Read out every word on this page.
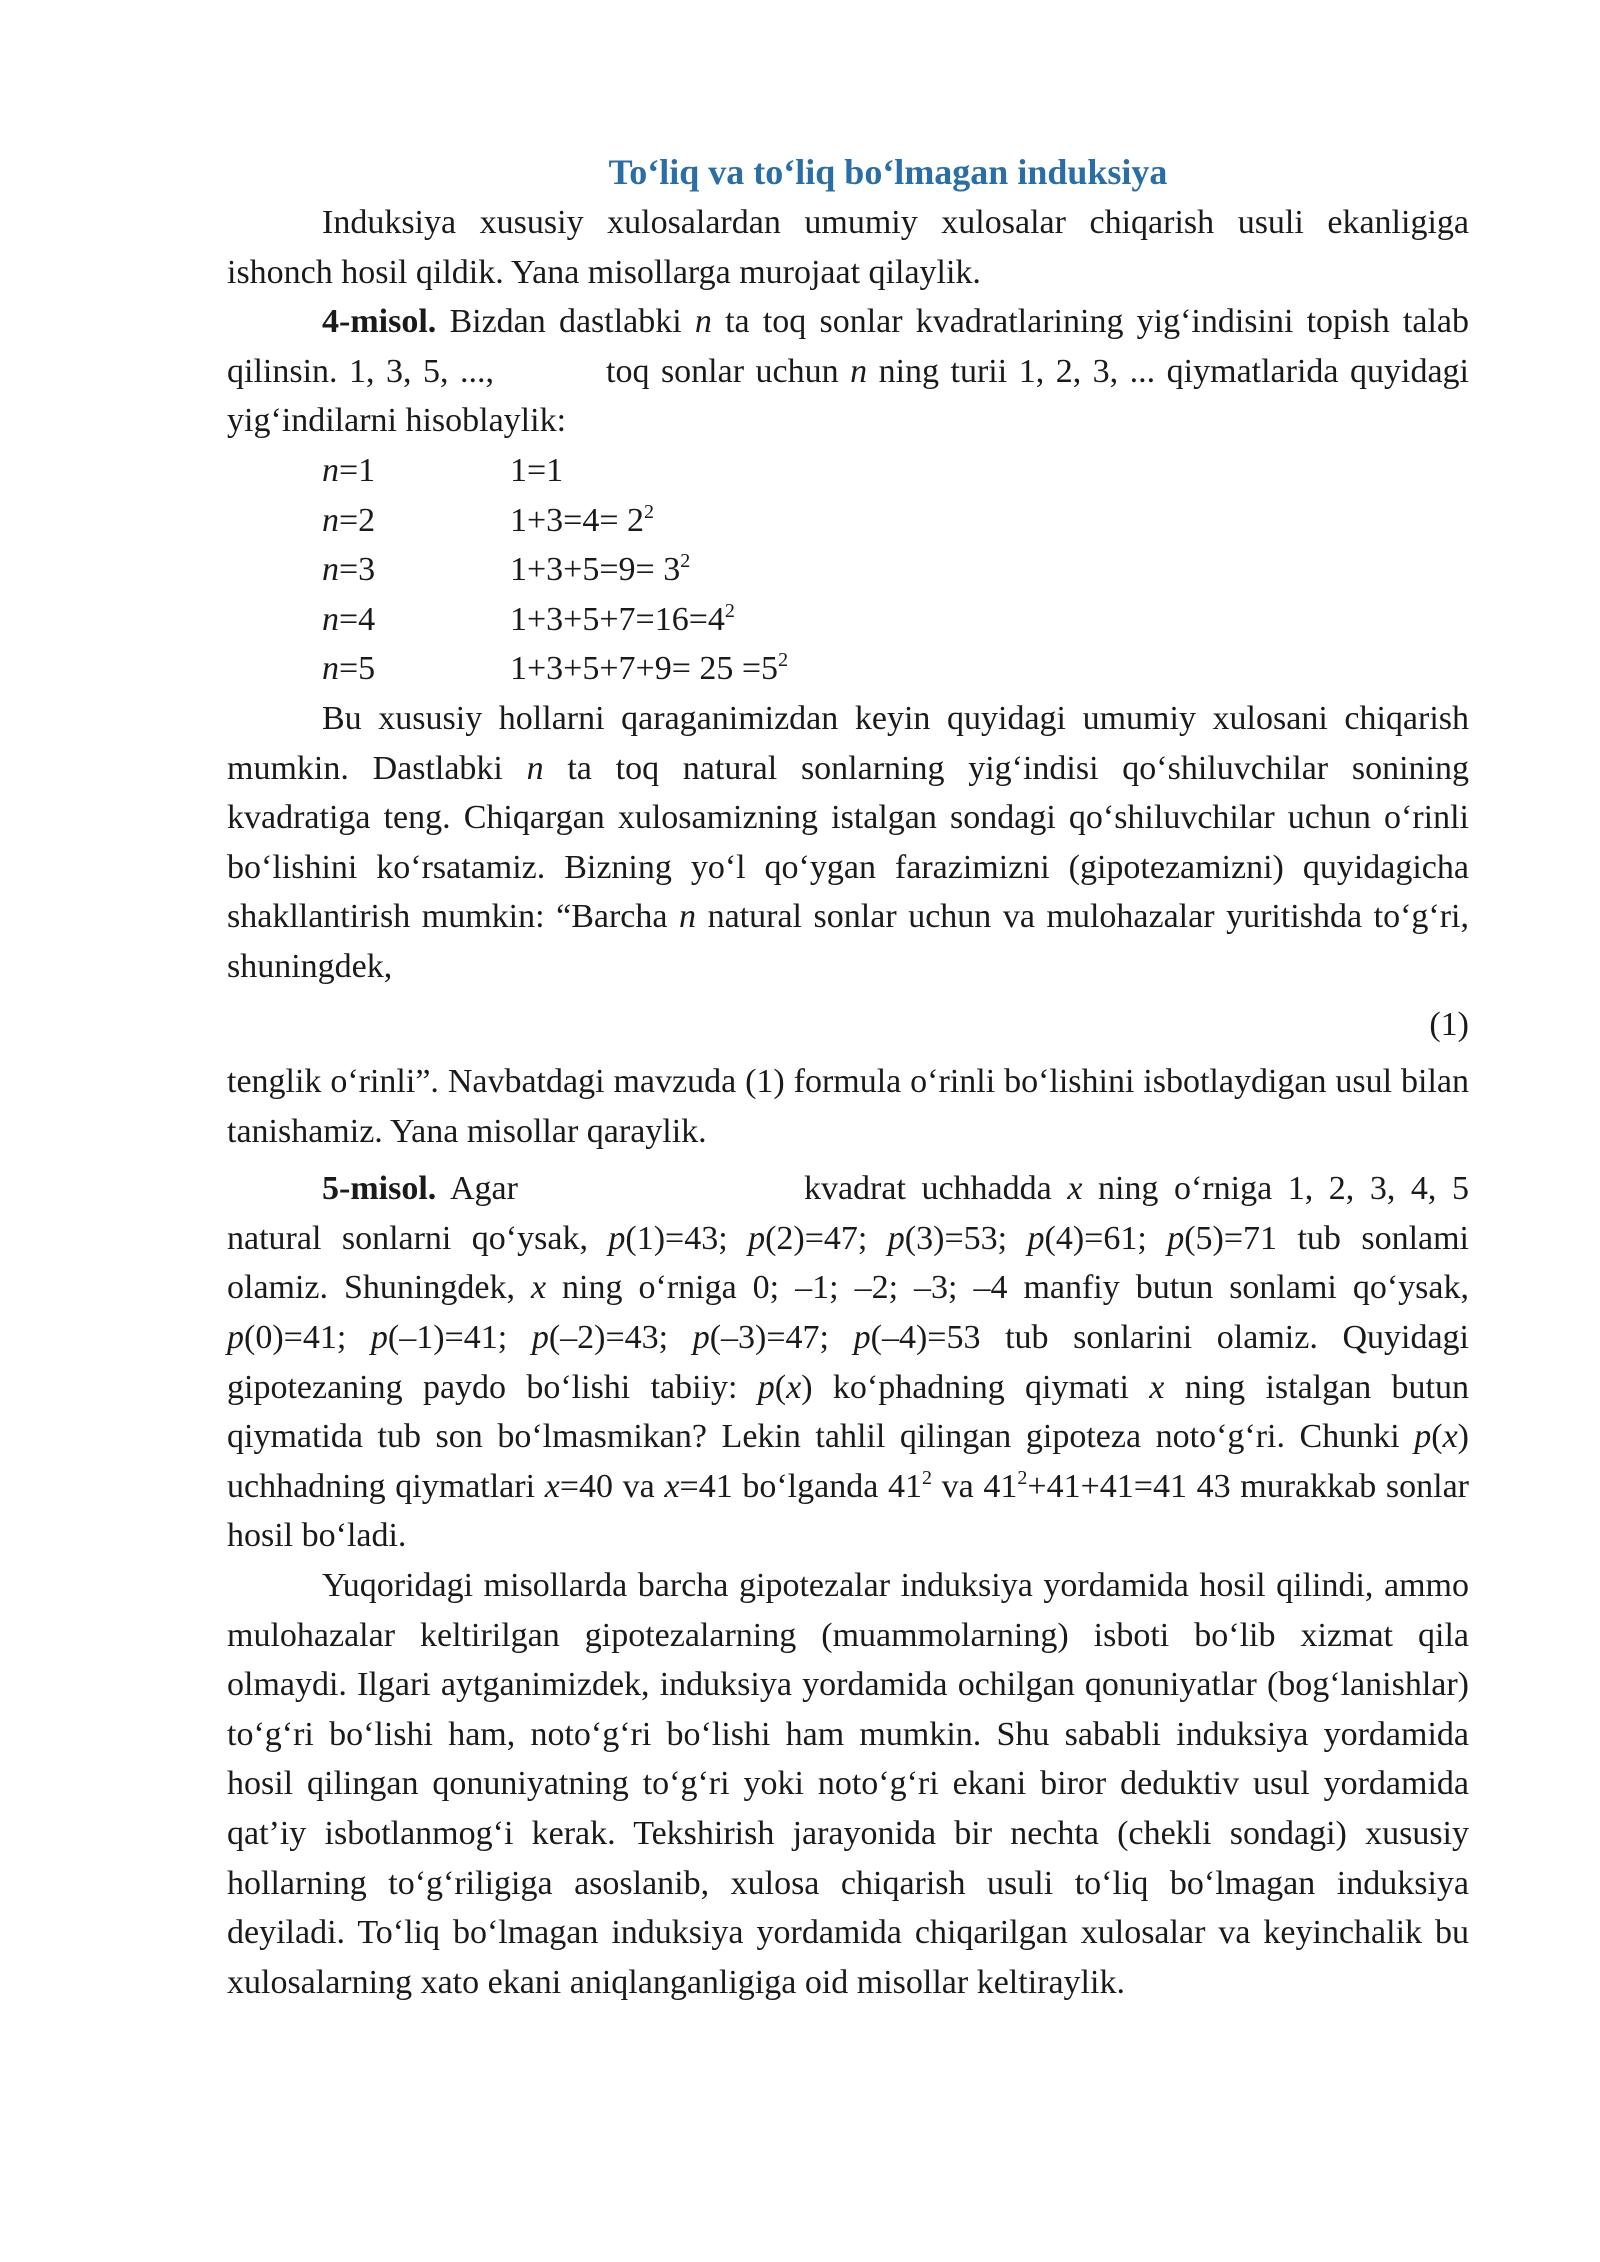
To‘liq va to‘liq bo‘lmagan induksiya

Induksiya xususiy xulosalardan umumiy xulosalar chiqarish usuli ekanligiga ishonch hosil qildik. Yana misollarga murojaat qilaylik.

4-misol. Bizdan dastlabki n ta toq sonlar kvadratlarining yig‘indisini topish talab qilinsin. 1, 3, 5, ...,	toq sonlar uchun n ning turii 1, 2, 3, ... qiymatlarida quyidagi yig‘indilarni hisoblaylik:

n=1	1=1
n=2	$1+3=4= 2^2$
n=3	$1+3+5=9= 3^2$
n=4	$1+3+5+7=16=4^2$
n=5	$1+3+5+7+9= 25 =5^2$

Bu xususiy hollarni qaraganimizdan keyin quyidagi umumiy xulosani chiqarish mumkin. Dastlabki n ta toq natural sonlarning yig‘indisi qo‘shiluvchilar sonining kvadratiga teng. Chiqargan xulosamizning istalgan sondagi qo‘shiluvchilar uchun o‘rinli bo‘lishini ko‘rsatamiz. Bizning yo‘l qo‘ygan farazimizni (gipotezamizni) quyidagicha shakllantirish mumkin: “Barcha n natural sonlar uchun va mulohazalar yuritishda to‘g‘ri, shuningdek,

(1)

tenglik o‘rinli”. Navbatdagi mavzuda (1) formula o‘rinli bo‘lishini isbotlaydigan usul bilan tanishamiz. Yana misollar qaraylik.

5-misol. Agar	kvadrat uchhadda x ning o‘rniga 1, 2, 3, 4, 5 natural sonlarni qo‘ysak, p(1)=43; p(2)=47; p(3)=53; p(4)=61; p(5)=71 tub sonlami olamiz. Shuningdek, x ning o‘rniga 0; –1; –2; –3; –4 manfiy butun sonlami qo‘ysak, p(0)=41; p(–1)=41; p(–2)=43; p(–3)=47; p(–4)=53 tub sonlarini olamiz. Quyidagi gipotezaning paydo bo‘lishi tabiiy: p(x) ko‘phadning qiymati x ning istalgan butun qiymatida tub son bo‘lmasmikan? Lekin tahlil qilingan gipoteza noto‘g‘ri. Chunki p(x) uchhadning qiymatlari x=40 va x=41 bo‘lganda $41^2$ va $41^2+41+41=41$ 43 murakkab sonlar hosil bo‘ladi.

Yuqoridagi misollarda barcha gipotezalar induksiya yordamida hosil qilindi, ammo mulohazalar keltirilgan gipotezalarning (muammolarning) isboti bo‘lib xizmat qila olmaydi. Ilgari aytganimizdek, induksiya yordamida ochilgan qonuniyatlar (bog‘lanishlar) to‘g‘ri bo‘lishi ham, noto‘g‘ri bo‘lishi ham mumkin. Shu sababli induksiya yordamida hosil qilingan qonuniyatning to‘g‘ri yoki noto‘g‘ri ekani biror deduktiv usul yordamida qat’iy isbotlanmog‘i kerak. Tekshirish jarayonida bir nechta (chekli sondagi) xususiy hollarning to‘g‘riligiga asoslanib, xulosa chiqarish usuli to‘liq bo‘lmagan induksiya deyiladi. To‘liq bo‘lmagan induksiya yordamida chiqarilgan xulosalar va keyinchalik bu xulosalarning xato ekani aniqlanganligiga oid misollar keltiraylik.
